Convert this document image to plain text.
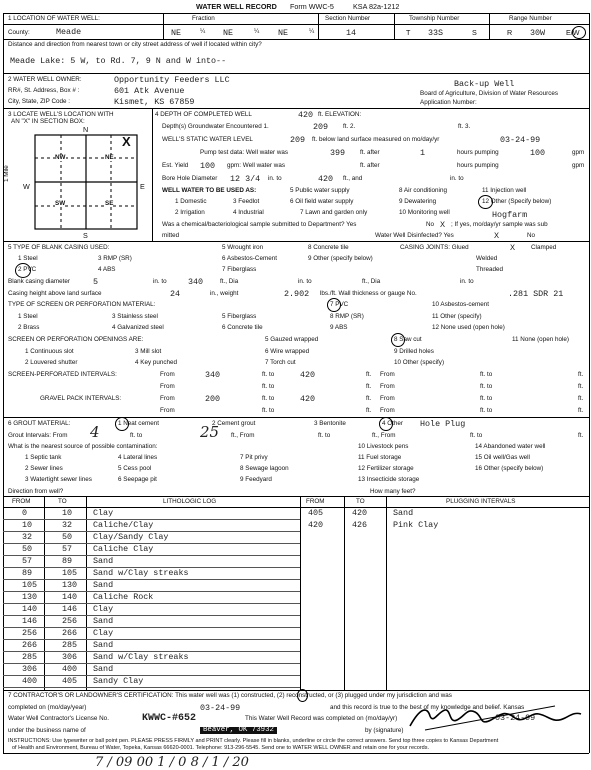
WATER WELL RECORD Form WWC-5	KSA 82a-1212
1 LOCATION OF WATER WELL:	Fraction	Section Number	Township Number	Range Number
County:	Meade	NE	¼ NE	¼ NE	¼	14	T 33S	S	R 30W	E/W
Distance and direction from nearest town or city street address of well if located within city?
Meade Lake: 5 W, to Rd. 7, 9 N and W into--
2 WATER WELL OWNER:	Opportunity Feeders LLC
RR#, St. Address, Box # :	601 Atk Avenue
City, State, ZIP Code :	Kismet, KS 67859
Back-up Well
Board of Agriculture, Division of Water Resources
Application Number:
3 LOCATE WELL'S LOCATION WITH
AN "X" IN SECTION BOX:
N
S
W	E
1 Mile
NW	NE
SW	SE
X
4 DEPTH OF COMPLETED WELL	420 ft. ELEVATION:
Depth(s) Groundwater Encountered 1.	209 ft. 2.	ft. 3.
WELL'S STATIC WATER LEVEL	209 ft. below land surface measured on mo/day/yr	03-24-99
Pump test data: Well water was	399 ft. after	1	hours pumping	100	gpm
Est. Yield 100 gpm: Well water was	ft. after	hours pumping	gpm
Bore Hole Diameter 12 3/4 in. to	420 ft., and	in. to
WELL WATER TO BE USED AS:
1 Domestic	3 Feedlot
5 Public water supply	8 Air conditioning	11 Injection well
2 Irrigation	4 Industrial
6 Oil field water supply	9 Dewatering	12 Other (Specify below)
7 Lawn and garden only	10 Monitoring well	Hogfarm
Was a chemical/bacteriological sample submitted to Department? Yes	No X ; If yes, mo/day/yr sample was sub
mitted	Water Well Disinfected? Yes	X	No
5 TYPE OF BLANK CASING USED:
1 Steel	3 RMP (SR)
5 Wrought iron
6 Asbestos-Cement
8 Concrete tile
9 Other (specify below)
2 PVC	4 ABS	7 Fiberglass
CASING JOINTS: Glued	X	Clamped
Welded
Threaded
Blank casing diameter	5	in. to	340	ft., Dia	in. to	ft., Dia	in. to
Casing height above land surface	24	in., weight	2.902 lbs./ft. Wall thickness or gauge No.	.281 SDR 21
TYPE OF SCREEN OR PERFORATION MATERIAL:
1 Steel	3 Stainless steel	5 Fiberglass
7 PVC	10 Asbestos-cement
2 Brass	4 Galvanized steel	6 Concrete tile
8 RMP (SR)	11 Other (specify)
9 ABS	12 None used (open hole)
SCREEN OR PERFORATION OPENINGS ARE:	5 Gauzed wrapped	8 Saw cut	11 None (open hole)
1 Continuous slot	3 Mill slot	6 Wire wrapped	9 Drilled holes
2 Louvered shutter	4 Key punched	7 Torch cut	10 Other (specify)
SCREEN-PERFORATED INTERVALS:	From	340	ft. to	420	ft. From	ft. to	ft.
From	ft. to	ft. From	ft. to	ft.
GRAVEL PACK INTERVALS:	From	200	ft. to	420	ft. From	ft. to	ft.
From	ft. to	ft. From	ft. to	ft.
6 GROUT MATERIAL:	1 Neat cement	2 Cement grout	3 Bentonite	4 Other Hole Plug
Grout Intervals: From 4	ft. to	25 ft., From	ft. to	ft., From	ft. to	ft.
What is the nearest source of possible contamination:
1 Septic tank	4 Lateral lines	7 Pit privy
10 Livestock pens	14 Abandoned water well
2 Sewer lines	5 Cess pool	8 Sewage lagoon
11 Fuel storage	15 Oil well/Gas well
3 Watertight sewer lines	6 Seepage pit	9 Feedyard
12 Fertilizer storage	16 Other (specify below)
13 Insecticide storage
Direction from well?	How many feet?
FROM	TO	LITHOLOGIC LOG	FROM	TO	PLUGGING INTERVALS
0	10 Clay
10	32 Caliche/Clay
32	50 Clay/Sandy Clay
50	57 Caliche Clay
57	89 Sand
89	105 Sand w/Clay streaks
105	130 Sand
130	140 Caliche Rock
140	146 Clay
146	256 Sand
256	266 Clay
266	285 Sand
285	306 Sand w/Clay streaks
306	400 Sand
400	405 Sandy Clay
405	420	Sand
420	426	Pink Clay
7 CONTRACTOR'S OR LANDOWNER'S CERTIFICATION: This water well was (1) constructed, (2) reconstructed, or (3) plugged under my jurisdiction and was
completed on (mo/day/year)	03-24-99	and this record is true to the best of my knowledge and belief. Kansas
Water Well Contractor's License No.	KWWC-#652	This Water Well Record was completed on (mo/day/yr)	03-24-99
under the business name of	Beaver, OK 73932	by (signature)
INSTRUCTIONS: Use typewriter or ball point pen. PLEASE PRESS FIRMLY and PRINT clearly. Please fill in blanks, underline or circle the correct answers. Send top three copies to Kansas Department
of Health and Environment, Bureau of Water, Topeka, Kansas 66620-0001. Telephone: 913-296-5545. Send one to WATER WELL OWNER and retain one for your records.
7 / 09 00 1 / 0 8 / 1 / 20
